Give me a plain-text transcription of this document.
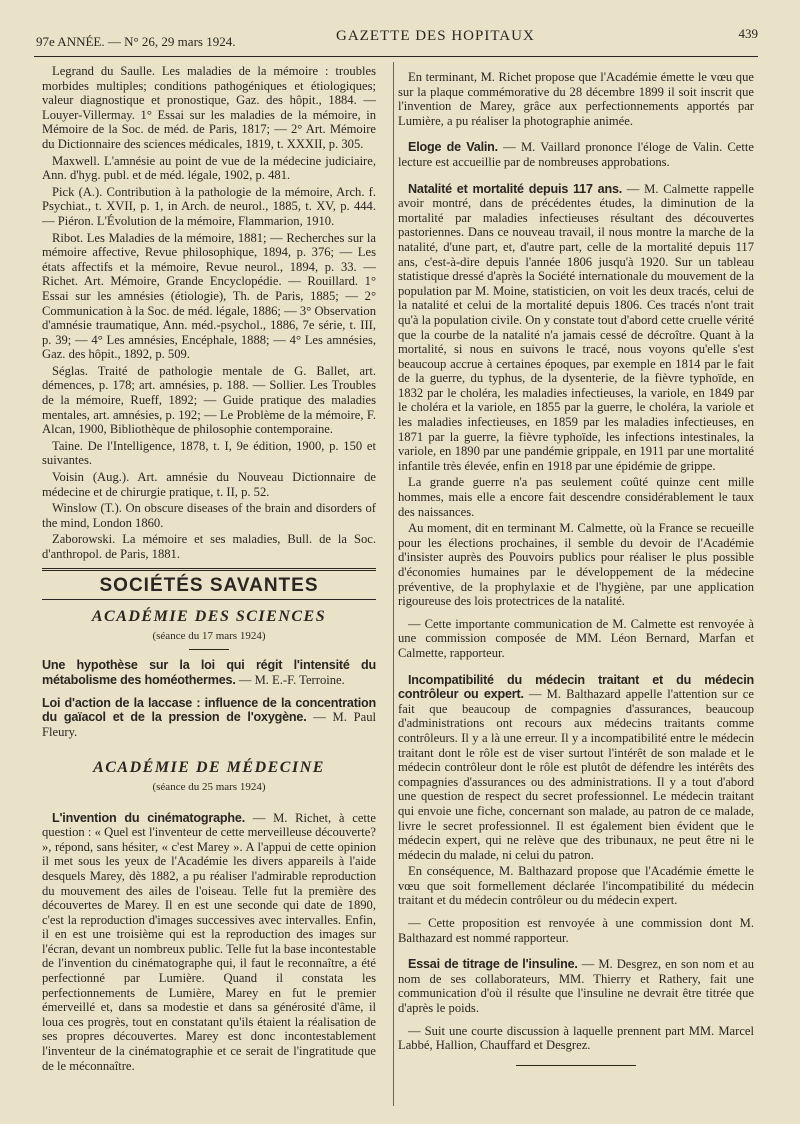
97e ANNÉE. — N° 26, 29 mars 1924.	GAZETTE DES HOPITAUX	439

Legrand du Saulle. Les maladies de la mémoire : troubles morbides multiples; conditions pathogéniques et étiologiques; valeur diagnostique et pronostique, Gaz. des hôpit., 1884. — Louyer-Villermay. 1° Essai sur les maladies de la mémoire, in Mémoire de la Soc. de méd. de Paris, 1817; — 2° Art. Mémoire du Dictionnaire des sciences médicales, 1819, t. XXXII, p. 305.

Maxwell. L'amnésie au point de vue de la médecine judiciaire, Ann. d'hyg. publ. et de méd. légale, 1902, p. 481.

Pick (A.). Contribution à la pathologie de la mémoire, Arch. f. Psychiat., t. XVII, p. 1, in Arch. de neurol., 1885, t. XV, p. 444. — Piéron. L'Évolution de la mémoire, Flammarion, 1910.

Ribot. Les Maladies de la mémoire, 1881; — Recherches sur la mémoire affective, Revue philosophique, 1894, p. 376; — Les états affectifs et la mémoire, Revue neurol., 1894, p. 33. — Richet. Art. Mémoire, Grande Encyclopédie. — Rouillard. 1° Essai sur les amnésies (étiologie), Th. de Paris, 1885; — 2° Communication à la Soc. de méd. légale, 1886; — 3° Observation d'amnésie traumatique, Ann. méd.-psychol., 1886, 7e série, t. III, p. 39; — 4° Les amnésies, Encéphale, 1888; — 4° Les amnésies, Gaz. des hôpit., 1892, p. 509.

Séglas. Traité de pathologie mentale de G. Ballet, art. démences, p. 178; art. amnésies, p. 188. — Sollier. Les Troubles de la mémoire, Rueff, 1892; — Guide pratique des maladies mentales, art. amnésies, p. 192; — Le Problème de la mémoire, F. Alcan, 1900, Bibliothèque de philosophie contemporaine.

Taine. De l'Intelligence, 1878, t. I, 9e édition, 1900, p. 150 et suivantes.

Voisin (Aug.). Art. amnésie du Nouveau Dictionnaire de médecine et de chirurgie pratique, t. II, p. 52.

Winslow (T.). On obscure diseases of the brain and disorders of the mind, London 1860.

Zaborowski. La mémoire et ses maladies, Bull. de la Soc. d'anthropol. de Paris, 1881.

SOCIÉTÉS SAVANTES
ACADÉMIE DES SCIENCES
(séance du 17 mars 1924)

Une hypothèse sur la loi qui régit l'intensité du métabolisme des homéothermes. — M. E.-F. Terroine.

Loi d'action de la laccase : influence de la concentration du gaïacol et de la pression de l'oxygène. — M. Paul Fleury.

ACADÉMIE DE MÉDECINE
(séance du 25 mars 1924)

L'invention du cinématographe. — M. Richet, à cette question : « Quel est l'inventeur de cette merveilleuse découverte? », répond, sans hésiter, « c'est Marey ». A l'appui de cette opinion il met sous les yeux de l'Académie les divers appareils à l'aide desquels Marey, dès 1882, a pu réaliser l'admirable reproduction du mouvement des ailes de l'oiseau. Telle fut la première des découvertes de Marey. Il en est une seconde qui date de 1890, c'est la reproduction d'images successives avec intervalles. Enfin, il en est une troisième qui est la reproduction des images sur l'écran, devant un nombreux public. Telle fut la base incontestable de l'invention du cinématographe qui, il faut le reconnaître, a été perfectionné par Lumière. Quand il constata les perfectionnements de Lumière, Marey en fut le premier émerveillé et, dans sa modestie et dans sa générosité d'âme, il loua ces progrès, tout en constatant qu'ils étaient la réalisation de ses propres découvertes. Marey est donc incontestablement l'inventeur de la cinématographie et ce serait de l'ingratitude que de le méconnaître.

En terminant, M. Richet propose que l'Académie émette le vœu que sur la plaque commémorative du 28 décembre 1899 il soit inscrit que l'invention de Marey, grâce aux perfectionnements apportés par Lumière, a pu réaliser la photographie animée.

Eloge de Valin. — M. Vaillard prononce l'éloge de Valin. Cette lecture est accueillie par de nombreuses approbations.

Natalité et mortalité depuis 117 ans. — M. Calmette rappelle avoir montré, dans de précédentes études, la diminution de la mortalité par maladies infectieuses résultant des découvertes pastoriennes. Dans ce nouveau travail, il nous montre la marche de la natalité, d'une part, et, d'autre part, celle de la mortalité depuis 117 ans, c'est-à-dire depuis l'année 1806 jusqu'à 1920. Sur un tableau statistique dressé d'après la Société internationale du mouvement de la population par M. Moine, statisticien, on voit les deux tracés, celui de la natalité et celui de la mortalité depuis 1806. Ces tracés n'ont trait qu'à la population civile. On y constate tout d'abord cette cruelle vérité que la courbe de la natalité n'a jamais cessé de décroître. Quant à la mortalité, si nous en suivons le tracé, nous voyons qu'elle s'est beaucoup accrue à certaines époques, par exemple en 1814 par le fait de la guerre, du typhus, de la dysenterie, de la fièvre typhoïde, en 1832 par le choléra, les maladies infectieuses, la variole, en 1849 par le choléra et la variole, en 1855 par la guerre, le choléra, la variole et les maladies infectieuses, en 1859 par les maladies infectieuses, en 1871 par la guerre, la fièvre typhoïde, les infections intestinales, la variole, en 1890 par une pandémie grippale, en 1911 par une mortalité infantile très élevée, enfin en 1918 par une épidémie de grippe.

La grande guerre n'a pas seulement coûté quinze cent mille hommes, mais elle a encore fait descendre considérablement le taux des naissances.

Au moment, dit en terminant M. Calmette, où la France se recueille pour les élections prochaines, il semble du devoir de l'Académie d'insister auprès des Pouvoirs publics pour réaliser le plus possible d'économies humaines par le développement de la médecine préventive, de la prophylaxie et de l'hygiène, par une application rigoureuse des lois protectrices de la natalité.

— Cette importante communication de M. Calmette est renvoyée à une commission composée de MM. Léon Bernard, Marfan et Calmette, rapporteur.

Incompatibilité du médecin traitant et du médecin contrôleur ou expert. — M. Balthazard appelle l'attention sur ce fait que beaucoup de compagnies d'assurances, beaucoup d'administrations ont recours aux médecins traitants comme contrôleurs. Il y a là une erreur. Il y a incompatibilité entre le médecin traitant dont le rôle est de viser surtout l'intérêt de son malade et le médecin contrôleur dont le rôle est plutôt de défendre les intérêts des compagnies d'assurances ou des administrations. Il y a tout d'abord une question de respect du secret professionnel. Le médecin traitant qui envoie une fiche, concernant son malade, au patron de ce malade, livre le secret professionnel. Il est également bien évident que le médecin expert, qui ne relève que des tribunaux, ne peut être ni le médecin du malade, ni celui du patron.

En conséquence, M. Balthazard propose que l'Académie émette le vœu que soit formellement déclarée l'incompatibilité du médecin traitant et du médecin contrôleur ou du médecin expert.

— Cette proposition est renvoyée à une commission dont M. Balthazard est nommé rapporteur.

Essai de titrage de l'insuline. — M. Desgrez, en son nom et au nom de ses collaborateurs, MM. Thierry et Rathery, fait une communication d'où il résulte que l'insuline ne devrait être titrée que d'après le poids.

— Suit une courte discussion à laquelle prennent part MM. Marcel Labbé, Hallion, Chauffard et Desgrez.
